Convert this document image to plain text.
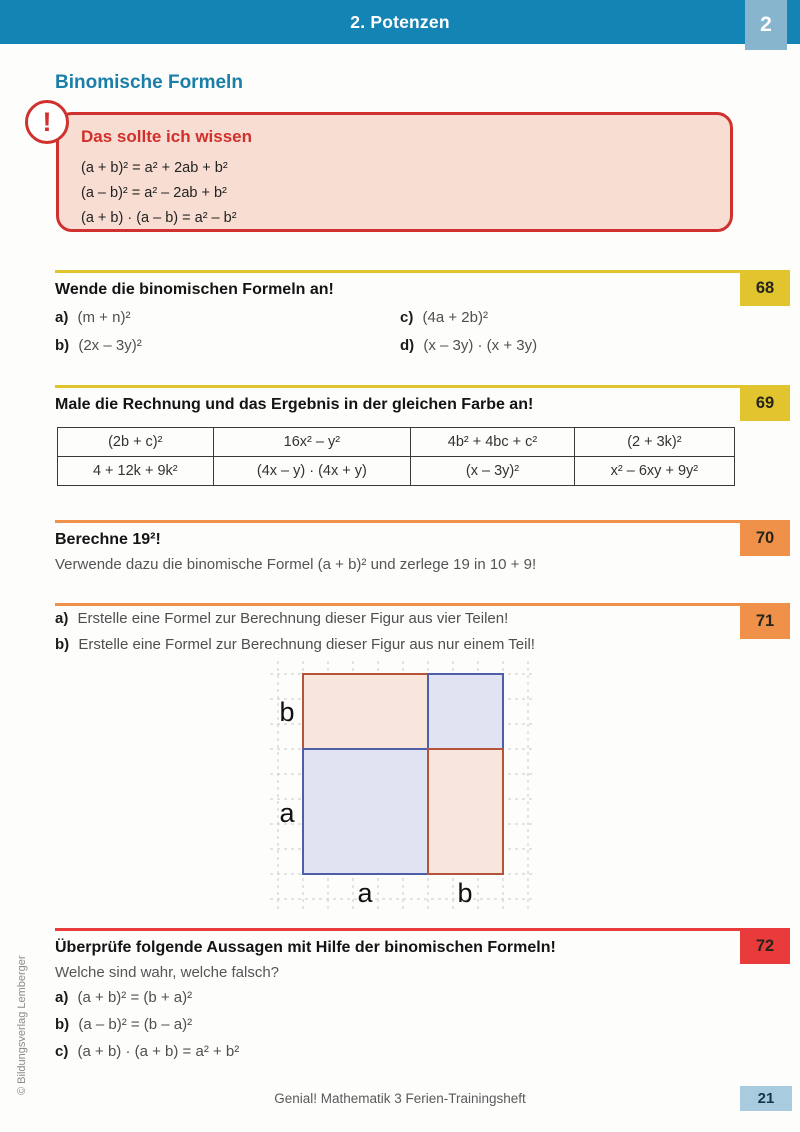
2. Potenzen	2
Binomische Formeln
!	Das sollte ich wissen
(a + b)² = a² + 2ab + b²
(a – b)² = a² – 2ab + b²
(a + b) · (a – b) = a² – b²
68
Wende die binomischen Formeln an!
a) (m + n)²	c) (4a + 2b)²
b) (2x – 3y)²	d) (x – 3y) · (x + 3y)
69
Male die Rechnung und das Ergebnis in der gleichen Farbe an!
(2b + c)²	16x² – y²	4b² + 4bc + c²	(2 + 3k)²
4 + 12k + 9k²	(4x – y) · (4x + y)	(x – 3y)²	x² – 6xy + 9y²
70
Berechne 19²!
Verwende dazu die binomische Formel (a + b)² und zerlege 19 in 10 + 9!
71
a) Erstelle eine Formel zur Berechnung dieser Figur aus vier Teilen!
b) Erstelle eine Formel zur Berechnung dieser Figur aus nur einem Teil!
b
a
a	b
72
Überprüfe folgende Aussagen mit Hilfe der binomischen Formeln!
Welche sind wahr, welche falsch?
a) (a + b)² = (b + a)²
b) (a – b)² = (b – a)²
c) (a + b) · (a + b) = a² + b²
Genial! Mathematik 3 Ferien-Trainingsheft	21
© Bildungsverlag Lemberger
